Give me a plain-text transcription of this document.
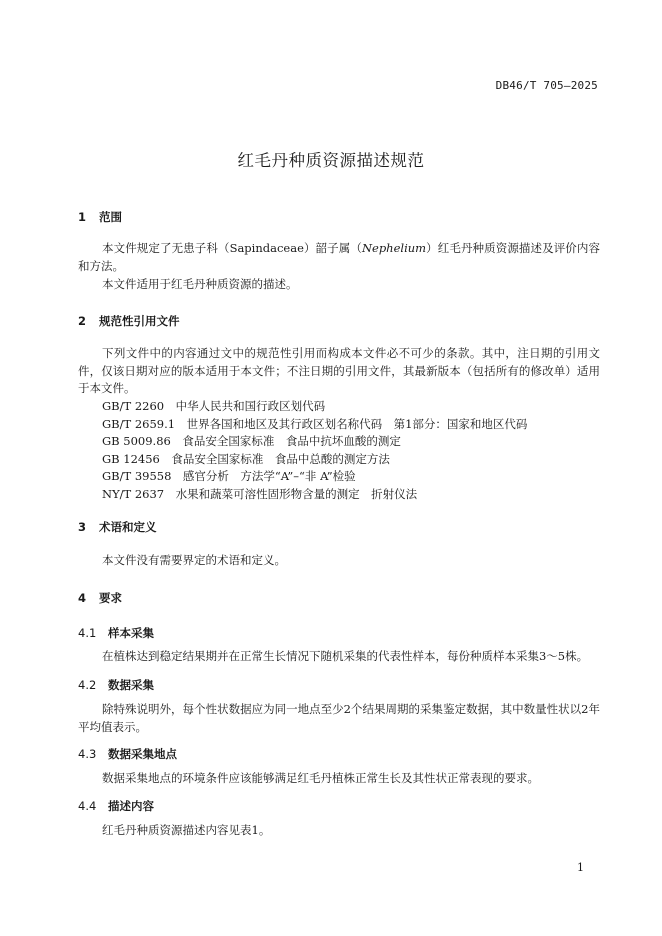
DB46/T 705—2025
红毛丹种质资源描述规范
1 范围
本文件规定了无患子科（Sapindaceae）韶子属（Nephelium）红毛丹种质资源描述及评价内容和方法。
本文件适用于红毛丹种质资源的描述。
2 规范性引用文件
下列文件中的内容通过文中的规范性引用而构成本文件必不可少的条款。其中，注日期的引用文件，仅该日期对应的版本适用于本文件；不注日期的引用文件，其最新版本（包括所有的修改单）适用于本文件。
GB/T 2260　中华人民共和国行政区划代码
GB/T 2659.1　世界各国和地区及其行政区划名称代码　第1部分：国家和地区代码
GB 5009.86　食品安全国家标准　食品中抗坏血酸的测定
GB 12456　食品安全国家标准　食品中总酸的测定方法
GB/T 39558　感官分析　方法学“A”–“非 A”检验
NY/T 2637　水果和蔬菜可溶性固形物含量的测定　折射仪法
3 术语和定义
本文件没有需要界定的术语和定义。
4 要求
4.1 样本采集
在植株达到稳定结果期并在正常生长情况下随机采集的代表性样本，每份种质样本采集3～5株。
4.2 数据采集
除特殊说明外，每个性状数据应为同一地点至少2个结果周期的采集鉴定数据，其中数量性状以2年平均值表示。
4.3 数据采集地点
数据采集地点的环境条件应该能够满足红毛丹植株正常生长及其性状正常表现的要求。
4.4 描述内容
红毛丹种质资源描述内容见表1。
1
